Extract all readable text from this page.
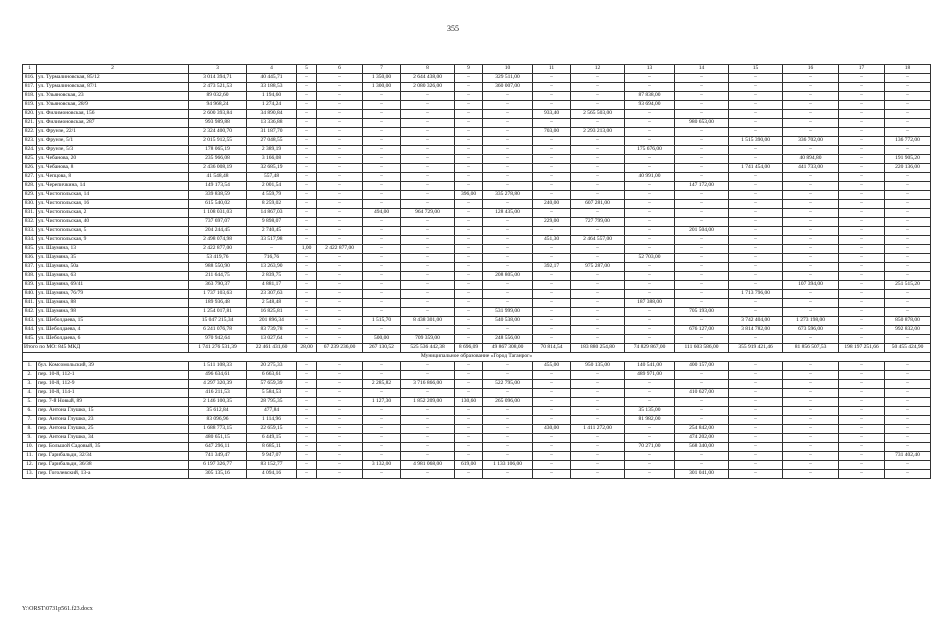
355
1	2	3	4	5	6	7	8	9	10	11	12	13	14	15	16	17	18
816.	ул. Турмалиновская, 85/12	3 014 394,71	40 445,71	–	–	1 350,00	2 644 438,00	–	329 511,00	–	–	–	–	–	–	–	–
817.	ул. Турмалиновская, 87/1	2 473 521,53	33 188,53	–	–	1 300,00	2 080 326,00	–	360 007,00	–	–	–	–	–	–	–	–
818.	ул. Ульяновская, 23	89 032,60	1 194,60	–	–	–	–	–	–	–	–	87 838,00	–	–	–	–	–
819.	ул. Ульяновская, 28/9	94 968,24	1 274,24	–	–	–	–	–	–	–	–	93 694,00	–	–	–	–	–
820.	ул. Филимоновская, 156	2 600 393,84	34 890,84	–	–	–	–	–	–	933,40	2 565 503,00	–	–	–	–	–	–
821.	ул. Филимоновская, 287	993 989,88	13 336,88	–	–	–	–	–	–	–	–	–	980 653,00	–	–	–	–
822.	ул. Фрунзе, 22/1	2 324 400,70	31 187,70	–	–	–	–	–	–	703,00	2 293 213,00	–	–	–	–	–	–
823.	ул. Фрунзе, 5/1	2 015 912,55	27 048,55	–	–	–	–	–	–	–	–	–	–	1 515 390,00	336 702,00	–	136 772,00
824.	ул. Фрунзе, 5/3	178 065,19	2 389,19	–	–	–	–	–	–	–	–	175 676,00	–	–	–	–	–
825.	ул. Чебанова, 20	235 966,08	3 166,08	–	–	–	–	–	–	–	–	–	–	–	40 894,80	–	191 905,20
826.	ул. Чебанова, 8	2 436 008,19	32 685,19	–	–	–	–	–	–	–	–	–	–	1 741 454,00	441 733,00	–	220 136,00
827.	ул. Чепцова, 8	41 548,48	557,48	–	–	–	–	–	–	–	–	40 991,00	–	–	–	–	–
828.	ул. Черепичкина, 14	149 173,54	2 001,54	–	–	–	–	–	–	–	–	–	147 172,00	–	–	–	–
829.	ул. Чистопольская, 14	339 838,59	4 559,79	–	–	–	–	396,00	335 278,80	–	–	–	–	–	–	–	–
830.	ул. Чистопольская, 16	615 540,02	8 259,02	–	–	–	–	–	–	240,00	607 281,00	–	–	–	–	–	–
831.	ул. Чистопольская, 2	1 108 031,03	14 867,03	–	–	494,00	964 729,00	–	128 435,00	–	–	–	–	–	–	–	–
832.	ул. Чистопольская, 40	737 697,07	9 898,07	–	–	–	–	–	–	229,00	727 799,00	–	–	–	–	–	–
833.	ул. Чистопольская, 5	204 244,45	2 740,45	–	–	–	–	–	–	–	–	–	201 504,00	–	–	–	–
834.	ул. Чистопольская, 9	2 498 074,98	33 517,98	–	–	–	–	–	–	451,30	2 464 557,00	–	–	–	–	–	–
835.	ул. Шаумяна, 13	2 422 877,00	–	1,00	2 422 877,00	–	–	–	–	–	–	–	–	–	–	–	–
836.	ул. Шаумяна, 35	53 419,76	716,76	–	–	–	–	–	–	–	–	52 703,00	–	–	–	–	–
837.	ул. Шаумяна, 50а	988 550,90	13 263,90	–	–	–	–	–	–	392,17	975 287,00	–	–	–	–	–	–
838.	ул. Шаумяна, 63	211 644,75	2 839,75	–	–	–	–	–	208 805,00	–	–	–	–	–	–	–	–
839.	ул. Шаумяна, 69/41	363 790,37	4 881,17	–	–	–	–	–	–	–	–	–	–	–	107 394,00	–	251 515,20
840.	ул. Шаумяна, 76/79	1 737 103,63	23 307,63	–	–	–	–	–	–	–	–	–	–	1 713 796,00	–	–	–
841.	ул. Шаумяна, 88	189 936,48	2 548,48	–	–	–	–	–	–	–	–	187 388,00	–	–	–	–	–
842.	ул. Шаумяна, 98	1 254 017,81	16 825,81	–	–	–	–	–	531 999,00	–	–	–	705 193,00	–	–	–	–
843.	ул. Шеболдаева, 15	15 047 215,34	201 896,34	–	–	1 515,70	8 438 301,00	–	540 538,00	–	–	–	–	3 742 404,00	1 273 198,00	–	850 878,00
844.	ул. Шеболдаева, 4	6 241 076,78	83 739,78	–	–	–	–	–	–	–	–	–	676 127,00	3 814 782,00	673 596,00	–	992 832,00
845.	ул. Шеболдаева, 6	970 942,64	13 027,64	–	–	500,00	709 359,00	–	248 556,00	–	–	–	–	–	–	–	–
Итого по МО: 845 МКД		1 741 276 531,39	22 461 431,60	28,00	67 239 236,00	267 130,52	525 536 442,38	8 696,09	49 867 308,00	70 814,54	183 880 254,80	74 829 867,00	111 603 586,00	355 919 421,46	81 856 507,53	198 197 251,66	50 455 424,90
Муниципальное образование «Город Таганрог»																	
1.	бул. Комсомольский, 39	1 511 108,33	20 275,33	–	–	–	–	–	–	455,00	950 135,00	140 541,00	400 157,00	–	–	–	–
2.	пер. 10-й, 112-1	496 634,61	6 663,61	–	–	–	–	–	–	–	–	489 971,00	–	–	–	–	–
3.	пер. 10-й, 112-9	4 297 320,39	57 659,39	–	–	2 285,82	3 716 866,00	–	522 795,00	–	–	–	–	–	–	–	–
4.	пер. 10-й, 114-1	416 211,53	5 584,53	–	–	–	–	–	–	–	–	–	410 627,00	–	–	–	–
5.	пер. 7-й Новый, 89	2 146 100,35	28 795,35	–	–	1 127,30	1 852 209,00	130,60	265 096,00	–	–	–	–	–	–	–	–
6.	пер. Антона Глушко, 15	35 612,84	477,84	–	–	–	–	–	–	–	–	35 135,00	–	–	–	–	–
7.	пер. Антона Глушко, 23	83 096,96	1 114,96	–	–	–	–	–	–	–	–	81 982,00	–	–	–	–	–
8.	пер. Антона Глушко, 25	1 688 773,15	22 659,15	–	–	–	–	–	–	430,00	1 411 272,00	–	254 842,00	–	–	–	–
9.	пер. Антона Глушко, 34	480 651,15	6 449,15	–	–	–	–	–	–	–	–	–	474 202,00	–	–	–	–
10.	пер. Большой Садовый, 35	647 296,11	8 685,11	–	–	–	–	–	–	–	–	70 271,00	568 340,00	–	–	–	–
11.	пер. Гарибальди, 32/34	741 349,47	9 947,07	–	–	–	–	–	–	–	–	–	–	–	–	–	731 402,40
12.	пер. Гарибальди, 36/38	6 197 326,77	83 152,77	–	–	3 132,00	4 981 068,00	619,00	1 133 106,00	–	–	–	–	–	–	–	–
13.	пер. Гоголевский, 13-а	305 135,16	4 094,16	–	–	–	–	–	–	–	–	–	301 041,00	–	–	–	–
Y:\ORST\0731p561.f23.docx
